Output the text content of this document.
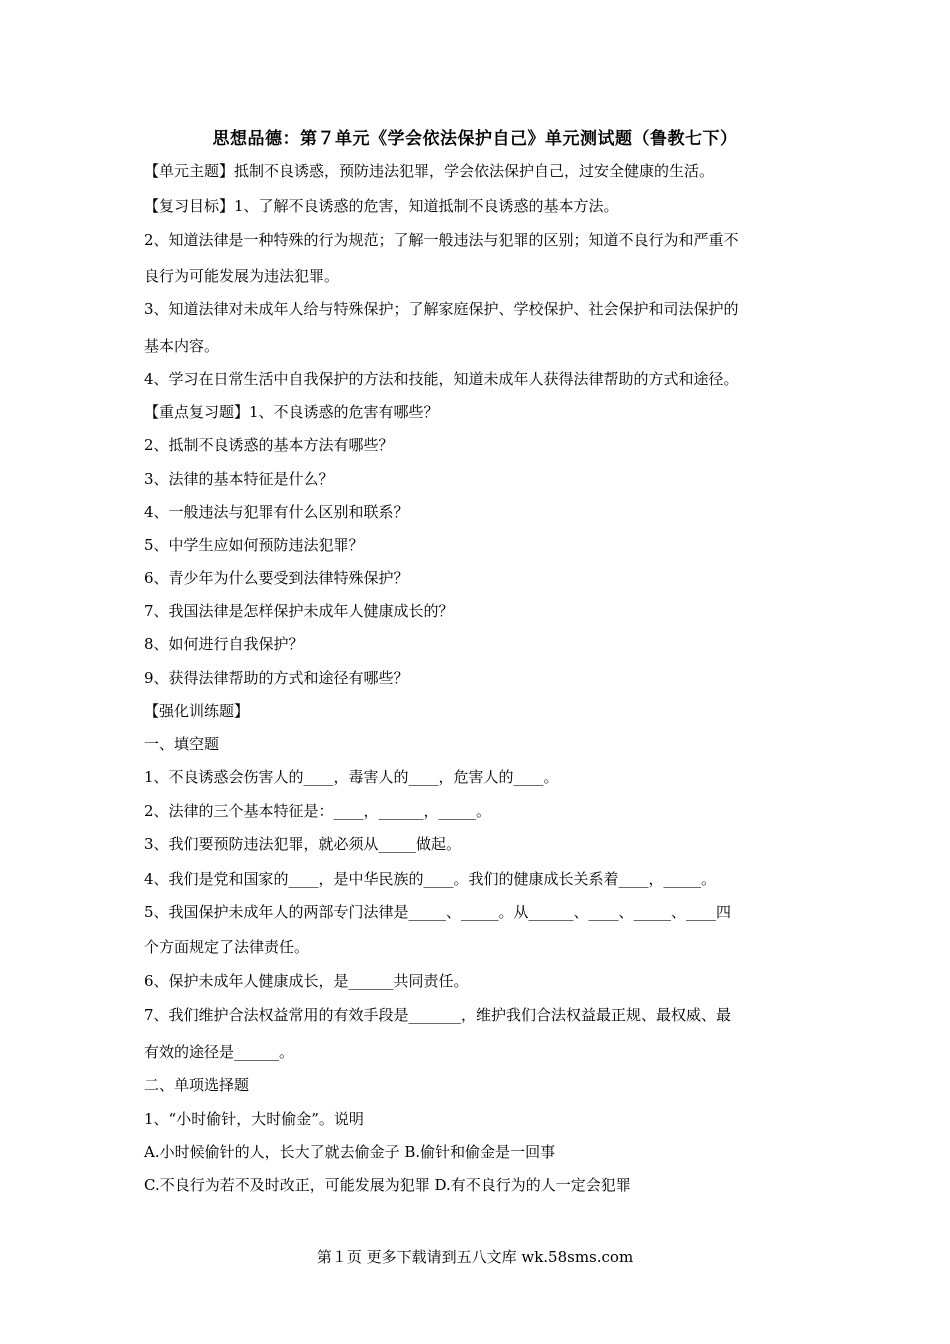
思想品德：第７单元《学会依法保护自己》单元测试题（鲁教七下）
【单元主题】抵制不良诱惑，预防违法犯罪，学会依法保护自己，过安全健康的生活。
【复习目标】1、了解不良诱惑的危害，知道抵制不良诱惑的基本方法。
2、知道法律是一种特殊的行为规范；了解一般违法与犯罪的区别；知道不良行为和严重不
良行为可能发展为违法犯罪。
3、知道法律对未成年人给与特殊保护；了解家庭保护、学校保护、社会保护和司法保护的
基本内容。
4、学习在日常生活中自我保护的方法和技能，知道未成年人获得法律帮助的方式和途径。
【重点复习题】1、不良诱惑的危害有哪些？
2、抵制不良诱惑的基本方法有哪些？
3、法律的基本特征是什么？
4、一般违法与犯罪有什么区别和联系？
5、中学生应如何预防违法犯罪？
6、青少年为什么要受到法律特殊保护？
7、我国法律是怎样保护未成年人健康成长的？
8、如何进行自我保护？
9、获得法律帮助的方式和途径有哪些？
【强化训练题】
一、填空题
1、不良诱惑会伤害人的____，毒害人的____，危害人的____。
2、法律的三个基本特征是：____，______，_____。
3、我们要预防违法犯罪，就必须从_____做起。
4、我们是党和国家的____，是中华民族的____。我们的健康成长关系着____，_____。
5、我国保护未成年人的两部专门法律是_____、_____。从______、____、_____、____四
个方面规定了法律责任。
6、保护未成年人健康成长，是______共同责任。
7、我们维护合法权益常用的有效手段是_______，维护我们合法权益最正规、最权威、最
有效的途径是______。
二、单项选择题
1、“小时偷针，大时偷金”。说明
A.小时候偷针的人，长大了就去偷金子 B.偷针和偷金是一回事
C.不良行为若不及时改正，可能发展为犯罪 D.有不良行为的人一定会犯罪
第１页 更多下载请到五八文库 wk.58sms.com
